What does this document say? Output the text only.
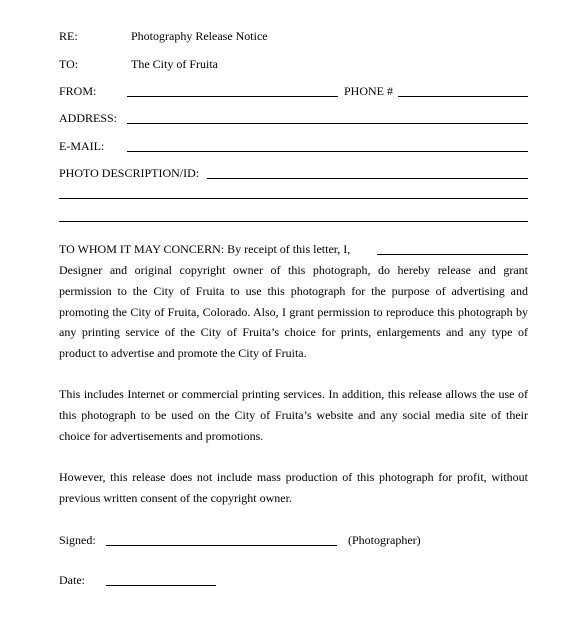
RE:	Photography Release Notice
TO:	The City of Fruita
FROM:	PHONE #
ADDRESS:
E-MAIL:
PHOTO DESCRIPTION/ID:
TO WHOM IT MAY CONCERN: By receipt of this letter, I,

Designer and original copyright owner of this photograph, do hereby release and grant permission to the City of Fruita to use this photograph for the purpose of advertising and promoting the City of Fruita, Colorado. Also, I grant permission to reproduce this photograph by any printing service of the City of Fruita’s choice for prints, enlargements and any type of product to advertise and promote the City of Fruita.

This includes Internet or commercial printing services. In addition, this release allows the use of this photograph to be used on the City of Fruita’s website and any social media site of their choice for advertisements and promotions.

However, this release does not include mass production of this photograph for profit, without previous written consent of the copyright owner.

Signed:	(Photographer)
Date:
